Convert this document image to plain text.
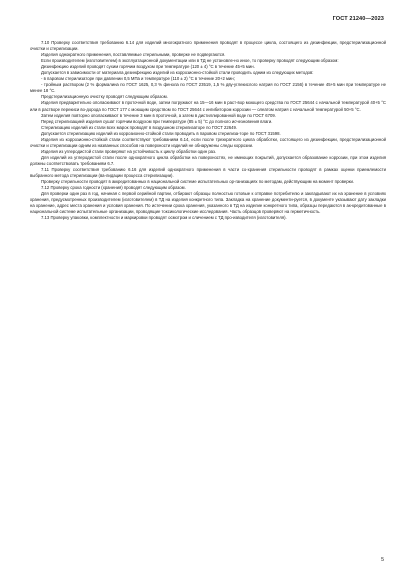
ГОСТ 21240—2023

7.10 Проверку соответствия требованию 6.14 для изделий многократного применения проводят в процессе цикла, состоящего из дезинфекции, предстерилизационной очистки и стерилизации.

Изделия однократного применения, поставляемые стерильными, проверке не подвергаются.

Если производителем (изготовителем) в эксплуатационной документации или в ТД не установле-но иное, то проверку проводят следующим образом:

Дезинфекцию изделий проводят сухим горячим воздухом при температуре (120 ± 4) °С в течение 45+5 мин.

Допускается в зависимости от материала дезинфекцию изделий из коррозионно-стойкой стали проводить одним из следующих методов:

- в паровом стерилизаторе при давлении 0,5 МПа и температуре (110 ± 2) °С в течение 20+2 мин;

- тройным раствором (2 % формалина по ГОСТ 1625, 0,3 % фенола по ГОСТ 23519, 1,5 % дву-углекислого натрия по ГОСТ 2156) в течение 45+5 мин при температуре не менее 18 °С.

Предстерилизационную очистку проводят следующим образом.

Изделия предварительно ополаскивают в проточной воде, затем погружают на 15—16 мин в раст-вор моющего средства по ГОСТ 25644 с начальной температурой 40+5 °С или в растворе перекиси во-дорода по ГОСТ 177 с моющим средством по ГОСТ 25644 с ингибитором коррозии — олеатом натрия с начальной температурой 50+5 °С.

Затем изделия повторно ополаскивают в течение 3 мин в проточной, а затем в дистиллированной воде по ГОСТ 6709.

Перед стерилизацией изделия сушат горячим воздухом при температуре (85 ± 5) °С до полного исчезновения влаги.

Стерилизацию изделий из стали всех марок проводят в воздушном стерилизаторе по ГОСТ 22649.

Допускается стерилизацию изделий из коррозионно-стойкой стали проводить в паровом стерилиза-торе по ГОСТ 31598.

Изделия из коррозионно-стойкой стали соответствуют требованиям 6.14, если после трехкратного цикла обработки, состоящего из дезинфекции, предстерилизационной очистки и стерилизации одним из названных способов на поверхности изделий не обнаружены следы коррозии.

Изделия из углеродистой стали проверяют на устойчивость к циклу обработки один раз.

Для изделий из углеродистой стали после однократного цикла обработки на поверхностях, не имеющих покрытий, допускается образование коррозии, при этом изделия должны соответствовать требованиям 6.7.

7.11 Проверку соответствия требованию 6.16 для изделий однократного применения в части со-хранения стерильности проводят в рамках оценки приемлемости выбранного метода стерилизации (ва-лидации процесса стерилизации).

Проверку стерильности проводят в аккредитованных в национальной системе испытательных ор-ганизациях по методам, действующим на момент проверки.

7.12 Проверку срока годности (хранения) проводят следующим образом.

Для проверки один раз в год, начиная с первой серийной партии, отбирают образцы полностью готовые к отправке потребителю и закладывают их на хранение в условиях хранения, предусмотренных производителем (изготовителем) в ТД на изделия конкретного типа. Закладка на хранение документи-руется, в документе указывают дату закладки на хранение, адрес места хранения и условия хранения. По истечении срока хранения, указанного в ТД на изделие конкретного типа, образцы передаются в ак-кредитованные в национальной системе испытательные организации, проводящие токсикологические исследования. Часть образцов проверяют на герметичность.

7.13 Проверку упаковки, комплектности и маркировки проводят осмотром и сличением с ТД про-изводителя (изготовителя).

5
